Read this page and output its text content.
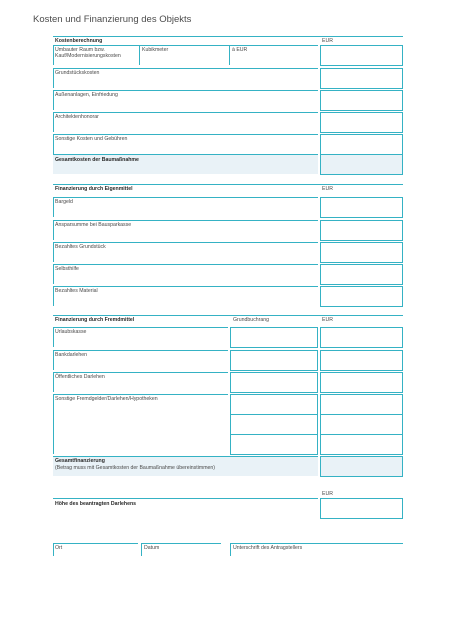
Kosten und Finanzierung des Objekts
Kostenberechnung	EUR
Umbauter Raum bzw. Kauf/Modernisierungskosten
Kubikmeter	à EUR
Grundstückskosten
Außenanlagen, Einfriedung
Architektenhonorar
Sonstige Kosten und Gebühren
Gesamtkosten der Baumaßnahme
Finanzierung durch Eigenmittel	EUR
Bargeld
Ansparsumme bei Bausparkasse
Bezahltes Grundstück
Selbsthilfe
Bezahltes Material
Finanzierung durch Fremdmittel	Grundbuchrang	EUR
Urlaubskasse
Bankdarlehen
Öffentliches Darlehen
Sonstige Fremdgelder/Darlehen/Hypotheken
Gesamtfinanzierung
(Betrag muss mit Gesamtkosten der Baumaßnahme übereinstimmen)
EUR
Höhe des beantragten Darlehens
Ort	Datum	Unterschrift des Antragstellers
